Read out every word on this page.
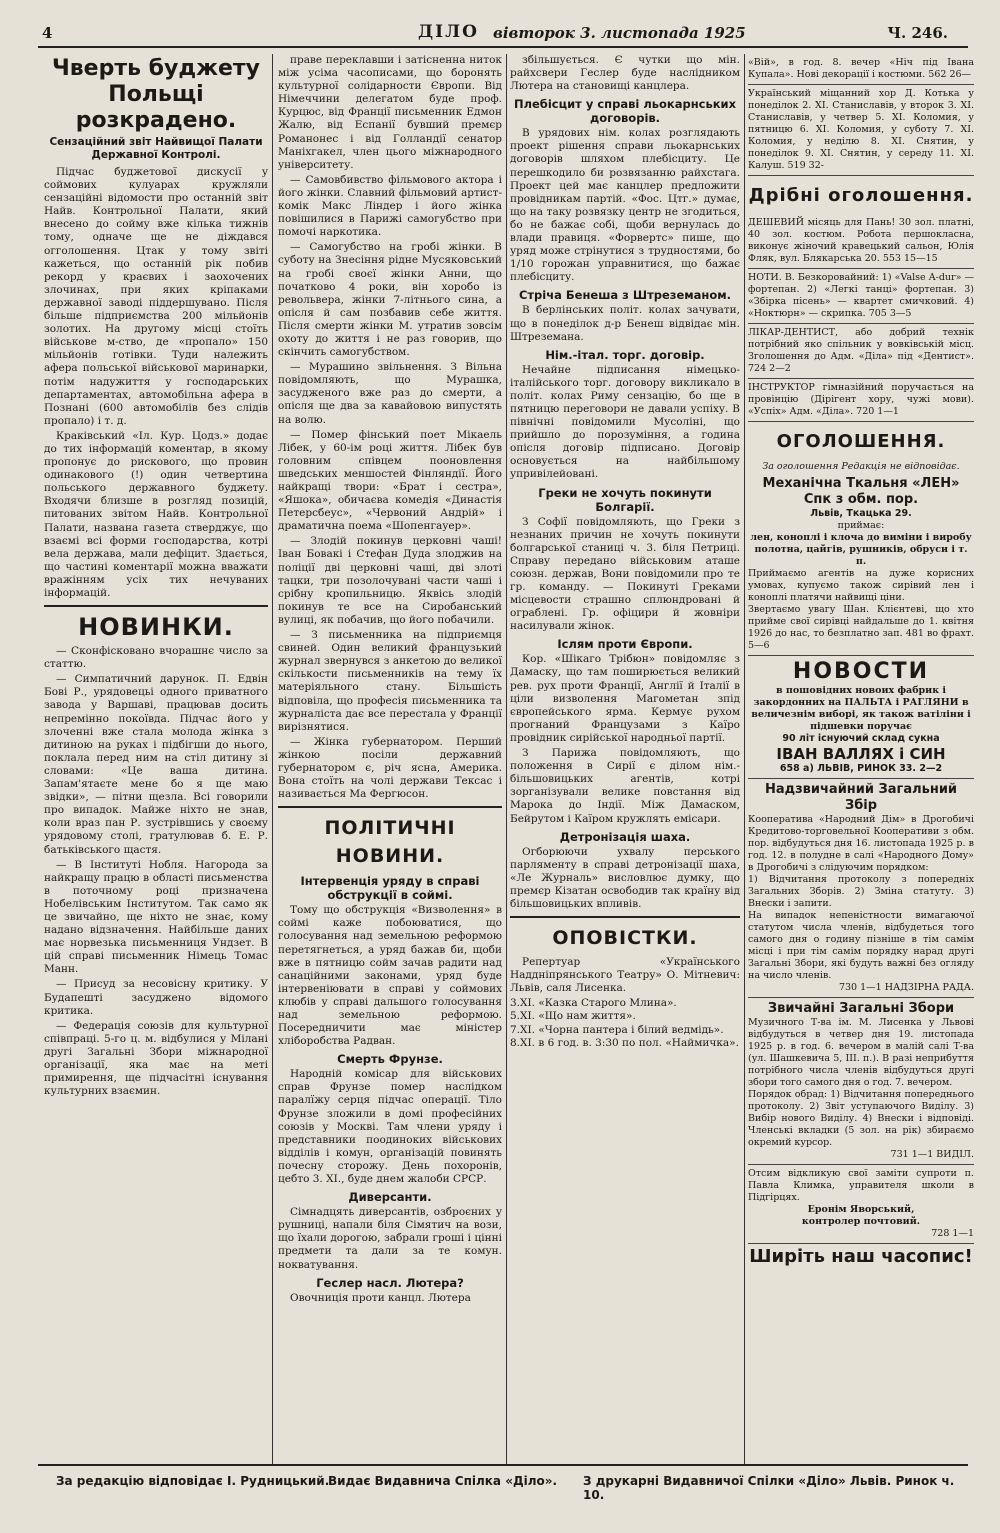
4	ДІЛО вівторок 3. листопада 1925	Ч. 246.
Чверть буджету Польщі розкрадено.
Сензаційний звіт Найвищої Палати Державної Контролі.

Підчас буджетової дискусії у соймових кулуарах кружляли сензаційні відомости про останній звіт Найв. Контрольної Палати, який внесено до сойму вже кілька тижнів тому, одначе ще не діждався огголошення. Цтак у тому звіті кажеться, що останній рік побив рекорд у краєвих і заохочених злочинах, при яких кріпаками державної заводі піддершувано. Після більше підприємства 200 мільйонів золотих. На другому місці стоїть військове м-ство, де «пропало» 150 мільйонів готівки. Туди належить афера польської військової маринарки, потім надужиття у господарських департаментах, автомобільна афера в Познані (600 автомобілів без слідів пропало) і т. д.

Краківський «Іл. Кур. Цодз.» додає до тих інформацій коментар, в якому пропонує до рискового, що провин одинакового (!) один четвертина польського державного буджету. Входячи близше в розгляд позицій, питованих звітом Найв. Контрольної Палати, названа газета стверджує, що взаємі всі форми господарства, котрі вела держава, мали дефіцит. Здається, що частині коментарії можна вважати вражінням усіх тих нечуваних інформацій.

НОВИНКИ.

— Сконфісковано вчорашнє число за статтю.

— Симпатичний дарунок. П. Едвін Бові Р., урядовецьі одного приватного завода у Варшаві, працював досить непремінно покоївда. Підчас його у злоченні вже стала молода жінка з дитиною на руках і підбігши до нього, поклала перед ним на стіл дитину зі словами: «Це ваша дитина. Запам'ятаєте мене бо я ще маю звідки», — пітни щезла. Всі говорили про випадок. Майже ніхто не знав, коли враз пан Р. зустрівшись у своєму урядовому столі, гратулював б. Е. Р. батьківського щастя.

— В Інституті Нобля. Нагорода за найкращу працю в області письменства в поточному році призначена Нобелівським Інститутом. Так само як це звичайно, ще ніхто не знає, кому надано відзначення. Найбільше даних має норвезька письменниця Ундзет. В цій справі письменник Німець Томас Манн.

— Присуд за несовісну критику. У Будапешті засуджено відомого критика.

— Федерація союзів для культурної співпраці. 5-го ц. м. відбулися у Мілані другі Загальні Збори міжнародної організації, яка має на меті примирення, ще підчасітні існування культурних взаємин.

праве переклавши і затісненна ниток між усіма часописами, що боронять культурної солідарности Європи. Від Німеччини делегатом буде проф. Курцюс, від Франції письменник Едмон Жалю, від Еспанії бувший премєр Романонес і від Голландії сенатор Маніхгакел, член цього міжнародного університету.

— Самовбивство фільмового актора і його жінки. Славний фільмовий артист-комік Макс Ліндер і його жінка повішилися в Парижі самогубство при помочі наркотика.

— Самогубство на гробі жінки. В суботу на Знесіння рідне Мусяковський на гробі своєї жінки Анни, що початково 4 роки, він хоробо із револьвера, жінки 7-літнього сина, а опісля й сам позбавив себе життя. Після смерти жінки М. утратив зовсім охоту до життя і не раз говорив, що скінчить самогубством.

— Мурашино звільнення. З Вільна повідомляють, що Мурашка, засудженого вже раз до смерти, а опісля ще два за кавайовою випустять на волю.

— Помер фінський поет Мікаель Лібек, у 60-ім році життя. Лібек був головним співцем пооновлення шведських меншостей Фінляндії. Його найкращі твори: «Брат і сестра», «Яшока», обичаєва комедія «Династія Петерсбеус», «Червоний Андрій» і драматична поема «Шопенгауер».

— Злодій покинув церковні чаші! Іван Бовакі і Стефан Дуда злоджив на поліції дві церковні чаші, дві злоті тацки, три позолочувані части чаші і срібну кропильницю. Яквісь злодій покинув те все на Сиробанський вулиці, як побачив, що його побачили.

— З письменника на підприємця свиней. Один великий французький журнал звернувся з анкетою до великої скількости письменників на тему їх матеріяльного стану. Більшість відповіла, що професія письменника та журналіста дає все перестала у Франції вирізнятися.

— Жінка губернатором. Перший жінкою посіли державний губернатором є, річ ясна, Америка. Вона стоїть на чолі держави Тексас і називається Ма Фергюсон.

ПОЛІТИЧНІ НОВИНИ.
Інтервенція уряду в справі обструкції в соймі.

Тому що обструкція «Визволення» в соймі каже побоюватися, що голосування над земельною реформою перетягнеться, а уряд бажав би, щоби вже в пятницю сойм зачав радити над санаційними законами, уряд буде інтервеніювати в справі у соймових клюбів у справі дальшого голосування над земельною реформою. Посередничити має міністер хліборобства Радван.

Смерть Фрунзе.

Народній комісар для військових справ Фрунзе помер наслідком паралїжу серця підчас операції. Тіло Фрунзе зложили в домі професійних союзів у Москві. Там члени уряду і представники поодиноких військових відділів і комун, організацій повинять почесну сторожу. День похоронів, цебто 3. XI., буде днем жалоби СРСР.

Диверсанти.

Сімнадцять диверсантів, озброєних у рушниці, напали біля Сімятич на вози, що їхали дорогою, забрали гроші і цінні предмети та дали за те комун. нокватування.

Геслер насл. Лютера?

Овочниція проти канцл. Лютера

збільшується. Є чутки що мін. райхсвери Геслер буде наслідником Лютера на становищі канцлера.

Плебісцит у справі льокарнських договорів.

В урядових нім. колах розглядають проект рішення справи льокарнських договорів шляхом плебісциту. Це перешкодило би розвязанню райхстага. Проект цей має канцлер предложити провідникам партій. «Фос. Цтг.» думає, що на таку розвязку центр не згодиться, бо не бажає собі, щоби вернулась до влади правиця. «Форвертс» пише, що уряд може стрінутися з трудностями, бо 1/10 горожан управнитися, що бажає плебісциту.

Стріча Бенеша з Штреземаном.

В берлінських політ. колах зачувати, що в понеділок д-р Бенеш відвідає мін. Штреземана.

Нім.-італ. торг. договір.

Нечайне підписання німецько-італійського торг. договору викликало в політ. колах Риму сензацію, бо ще в пятницю переговори не давали успіху. В північні повідомили Мусоліні, що прийшло до порозуміння, а година опісля договір підписано. Договір основується на найбільшому упривілейовані.

Греки не хочуть покинути Болгарії.

З Софії повідомляють, що Греки з незнаних причин не хочуть покинути болгарської станиці ч. 3. біля Петриці. Справу передано військовим аташе союзн. держав, Вони повідомили про те гр. команду. — Покинуті Греками місцевости страшно сплюндровані й ограблені. Гр. офіцири й жовніри насилували жінок.

Іслям проти Європи.

Кор. «Шікаго Трібюн» повідомляє з Дамаску, що там поширюється великий рев. рух проти Франції, Англії й Італії в ціли визволення Магометан зпід європейського ярма. Кермує рухом прогнаний Французами з Каїро провідник сирійської народньої партії.

З Парижа повідомляють, що положення в Сирії є ділом нім.-більшовицьких агентів, котрі зорганізували велике повстання від Марока до Індії. Між Дамаском, Бейрутом і Каїром кружлять емісари.

Детронізація шаха.

Огборюючи ухвалу перського парляменту в справі детронізації шаха, «Ле Журналь» висловлює думку, що премєр Кізатан освободив так країну від більшовицьких впливів.

ОПОВІСТКИ.

Репертуар «Українського Наддніпрянського Театру» О. Мітневич: Львів, саля Лисенка.

3.XI. «Казка Старого Млина».
5.XI. «Що нам життя».
7.XI. «Чорна пантера і білий ведмідь».
8.XI. в 6 год. в. 3:30 по пол. «Наймичка».
«Вій», в год. 8. вечер «Ніч під Івана Купала». Нові декорації і костюми. 562 26—
Український міщанний хор Д. Котька у понеділок 2. XI. Станиславів, у второк 3. XI. Станиславів, у четвер 5. XI. Коломия, у пятницю 6. XI. Коломия, у суботу 7. XI. Коломия, у неділю 8. XI. Снятин, у понеділок 9. XI. Снятин, у середу 11. XI. Калуш. 519 32-
Дрібні оголошення.
ДЕШЕВИЙ місяць для Пань! 30 зол. платні, 40 зол. костюм. Робота першокласна, виконує жіночий кравецький сальон, Юлія Фляк, вул. Блякарська 20. 553 15—15
НОТИ. В. Безкоровайний: 1) «Valse A-dur» — фортепан. 2) «Легкі танці» фортепан. 3) «Збірка пісень» — квартет смичковий. 4) «Ноктюрн» — скрипка. 705 3—5
ЛІКАР-ДЕНТИСТ, або добрий технік потрібний яко спільник у вовківській місц. Зголошення до Адм. «Діла» під «Дентист». 724 2—2
ІНСТРУКТОР гімназійний поручається на провінцію (Дірігент хору, чужі мови). «Успіх» Адм. «Діла». 720 1—1
ОГОЛОШЕННЯ.
За оголошення Редакція не відповідає.
Механічна Ткальня «ЛЕН» Спк з обм. пор.
Львів, Ткацька 29.
приймає:
лен, коноплі і клоча до виміни і виробу полотна, цайгів, рушників, обруси і т. п.
Приймаємо агентів на дуже корисних умовах, купуємо також сирівий лен і коноплі платячи найвищі ціни.
Звертаємо увагу Шан. Клієнтеві, що хто прийме свої сирівці найдальше до 1. квітня 1926 до нас, то безплатно зап. 481 во фрахт. 5—6
НОВОСТИ
в пошовідних новоих фабрик і закордонних на ПАЛЬТА і РАГЛЯНИ в величезнім виборі, як також ватіліни і підшевки поручає
90 літ існуючий склад сукна
ІВАН ВАЛЛЯХ і СИН
658 а) ЛЬВІВ, РИНОК 33. 2—2
Надзвичайний Загальний Збір
Кооператива «Народний Дім» в Дрогобичі Кредитово-торговельної Кооперативи з обм. пор. відбудуться дня 16. листопада 1925 р. в год. 12. в полудне в салі «Народного Дому» в Дрогобичі з слідуючим порядком:
1) Відчитання протоколу з попередніх Загальних Зборів. 2) Зміна статуту. 3) Внески і запити.
На випадок непеністности вимагаючої статутом числа членів, відбудеться того самого дня о годину пізніше в тім самім місці і при тім самім порядку нарад другі Загальні Збори, які будуть важні без огляду на число членів.
730 1—1 НАДЗІРНА РАДА.
Звичайні Загальні Збори
Музичного Т-ва ім. М. Лисенка у Львові відбудуться в четвер дня 19. листопада 1925 р. в год. 6. вечером в малій салі Т-ва (ул. Шашкевича 5, III. п.). В разі неприбуття потрібного числа членів відбудуться другі збори того самого дня о год. 7. вечером.
Порядок обрад: 1) Відчитання попереднього протоколу. 2) Звіт уступаючого Виділу. 3) Вибір нового Виділу. 4) Внески і відповіді. Членські вкладки (5 зол. на рік) збираємо окремий курсор.
731 1—1 ВИДІЛ.
Отсим відкликую свої заміти супроти п. Павла Климка, управителя школи в Підгірцях.
Еронім Яворський,
контролер почтовий.
728 1—1
Ширіть наш часопис!
За редакцію відповідає І. Рудницький.
Видає Видавнича Спілка «Діло». З друкарні Видавничої Спілки «Діло» Львів. Ринок ч. 10.
